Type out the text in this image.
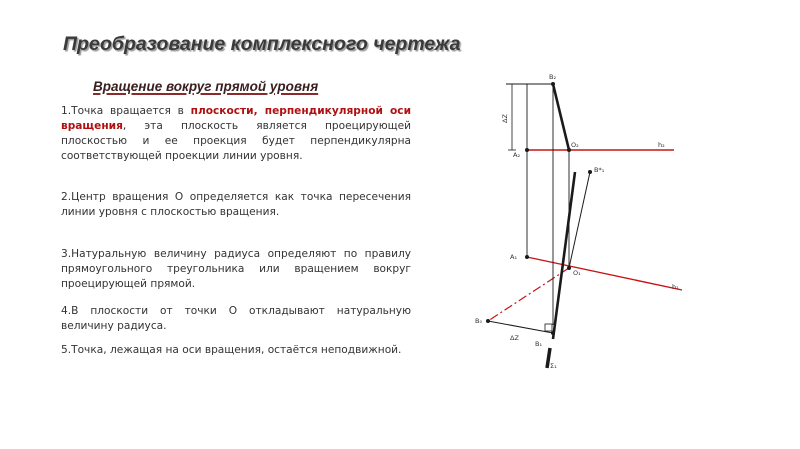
Преобразование комплексного чертежа
Вращение вокруг прямой уровня
1.Точка вращается в плоскости, перпендикулярной оси вращения, эта плоскость является проецирующей плоскостью и ее проекция будет перпендикулярна соответствующей проекции линии уровня.
2.Центр вращения О определяется как точка пересечения линии уровня с плоскостью вращения.
3.Натуральную величину радиуса определяют по правилу прямоугольного треугольника или вращением вокруг проецирующей прямой.
4.В плоскости от точки О откладывают натуральную величину радиуса.
5.Точка, лежащая на оси вращения, остаётся неподвижной.
B₂
O₂
A₂
h₂
ΔZ
B*₁
A₁
O₁
h₁
B₀
ΔZ
B₁
Σ₁
